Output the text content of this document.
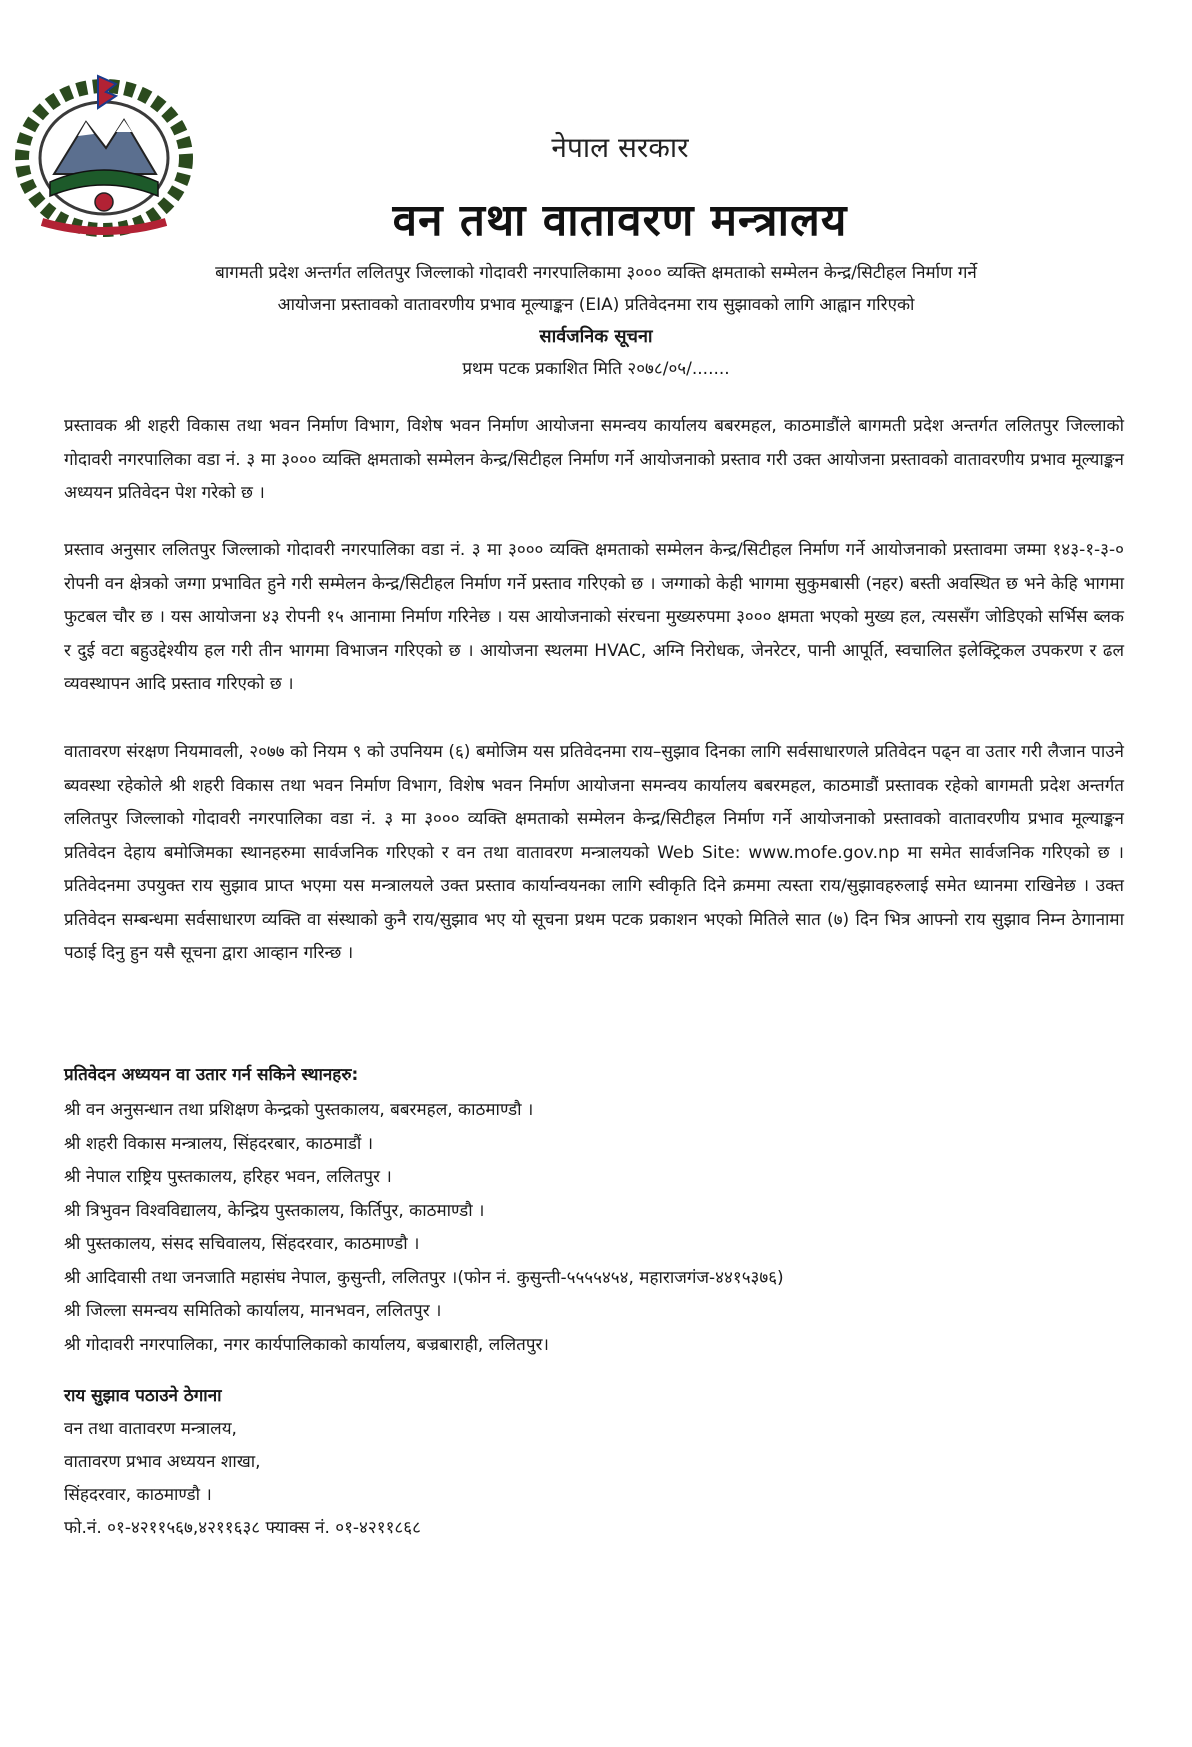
नेपाल सरकार
वन तथा वातावरण मन्त्रालय
बागमती प्रदेश अन्तर्गत ललितपुर जिल्लाको गोदावरी नगरपालिकामा ३००० व्यक्ति क्षमताको सम्मेलन केन्द्र/सिटीहल निर्माण गर्ने
आयोजना प्रस्तावको वातावरणीय प्रभाव मूल्याङ्कन (EIA) प्रतिवेदनमा राय सुझावको लागि आह्वान गरिएको
सार्वजनिक सूचना
प्रथम पटक प्रकाशित मिति २०७८/०५/.......
प्रस्तावक श्री शहरी विकास तथा भवन निर्माण विभाग, विशेष भवन निर्माण आयोजना समन्वय कार्यालय बबरमहल, काठमाडौंले बागमती प्रदेश अन्तर्गत ललितपुर जिल्लाको गोदावरी नगरपालिका वडा नं. ३ मा ३००० व्यक्ति क्षमताको सम्मेलन केन्द्र/सिटीहल निर्माण गर्ने आयोजनाको प्रस्ताव गरी उक्त आयोजना प्रस्तावको वातावरणीय प्रभाव मूल्याङ्कन अध्ययन प्रतिवेदन पेश गरेको छ ।
प्रस्ताव अनुसार ललितपुर जिल्लाको गोदावरी नगरपालिका वडा नं. ३ मा ३००० व्यक्ति क्षमताको सम्मेलन केन्द्र/सिटीहल निर्माण गर्ने आयोजनाको प्रस्तावमा जम्मा १४३-१-३-० रोपनी वन क्षेत्रको जग्गा प्रभावित हुने गरी सम्मेलन केन्द्र/सिटीहल निर्माण गर्ने प्रस्ताव गरिएको छ । जग्गाको केही भागमा सुकुमबासी (नहर) बस्ती अवस्थित छ भने केहि भागमा फुटबल चौर छ । यस आयोजना ४३ रोपनी १५ आनामा निर्माण गरिनेछ । यस आयोजनाको संरचना मुख्यरुपमा ३००० क्षमता भएको मुख्य हल, त्यससँग जोडिएको सर्भिस ब्लक र दुई वटा बहुउद्देश्यीय हल गरी तीन भागमा विभाजन गरिएको छ । आयोजना स्थलमा HVAC, अग्नि निरोधक, जेनरेटर, पानी आपूर्ति, स्वचालित इलेक्ट्रिकल उपकरण र ढल व्यवस्थापन आदि प्रस्ताव गरिएको छ ।
वातावरण संरक्षण नियमावली, २०७७ को नियम ९ को उपनियम (६) बमोजिम यस प्रतिवेदनमा राय–सुझाव दिनका लागि सर्वसाधारणले प्रतिवेदन पढ्न वा उतार गरी लैजान पाउने ब्यवस्था रहेकोले श्री शहरी विकास तथा भवन निर्माण विभाग, विशेष भवन निर्माण आयोजना समन्वय कार्यालय बबरमहल, काठमाडौं प्रस्तावक रहेको बागमती प्रदेश अन्तर्गत ललितपुर जिल्लाको गोदावरी नगरपालिका वडा नं. ३ मा ३००० व्यक्ति क्षमताको सम्मेलन केन्द्र/सिटीहल निर्माण गर्ने आयोजनाको प्रस्तावको वातावरणीय प्रभाव मूल्याङ्कन प्रतिवेदन देहाय बमोजिमका स्थानहरुमा सार्वजनिक गरिएको र वन तथा वातावरण मन्त्रालयको Web Site: www.mofe.gov.np मा समेत सार्वजनिक गरिएको छ । प्रतिवेदनमा उपयुक्त राय सुझाव प्राप्त भएमा यस मन्त्रालयले उक्त प्रस्ताव कार्यान्वयनका लागि स्वीकृति दिने क्रममा त्यस्ता राय/सुझावहरुलाई समेत ध्यानमा राखिनेछ । उक्त प्रतिवेदन सम्बन्धमा सर्वसाधारण व्यक्ति वा संस्थाको कुनै राय/सुझाव भए यो सूचना प्रथम पटक प्रकाशन भएको मितिले सात (७) दिन भित्र आफ्नो राय सुझाव निम्न ठेगानामा पठाई दिनु हुन यसै सूचना द्वारा आव्हान गरिन्छ ।
प्रतिवेदन अध्ययन वा उतार गर्न सकिने स्थानहरु:
श्री वन अनुसन्धान तथा प्रशिक्षण केन्द्रको पुस्तकालय, बबरमहल, काठमाण्डौ ।
श्री शहरी विकास मन्त्रालय, सिंहदरबार, काठमाडौं ।
श्री नेपाल राष्ट्रिय पुस्तकालय, हरिहर भवन, ललितपुर ।
श्री त्रिभुवन विश्वविद्यालय, केन्द्रिय पुस्तकालय, किर्तिपुर, काठमाण्डौ ।
श्री पुस्तकालय, संसद सचिवालय, सिंहदरवार, काठमाण्डौ ।
श्री आदिवासी तथा जनजाति महासंघ नेपाल, कुसुन्ती, ललितपुर ।(फोन नं. कुसुन्ती-५५५५४५४, महाराजगंज-४४१५३७६)
श्री जिल्ला समन्वय समितिको कार्यालय, मानभवन, ललितपुर ।
श्री गोदावरी नगरपालिका, नगर कार्यपालिकाको कार्यालय, बज्रबाराही, ललितपुर।
राय सुझाव पठाउने ठेगाना
वन तथा वातावरण मन्त्रालय,
वातावरण प्रभाव अध्ययन शाखा,
सिंहदरवार, काठमाण्डौ ।
फो.नं. ०१-४२११५६७,४२११६३८ फ्याक्स नं. ०१-४२११८६८
